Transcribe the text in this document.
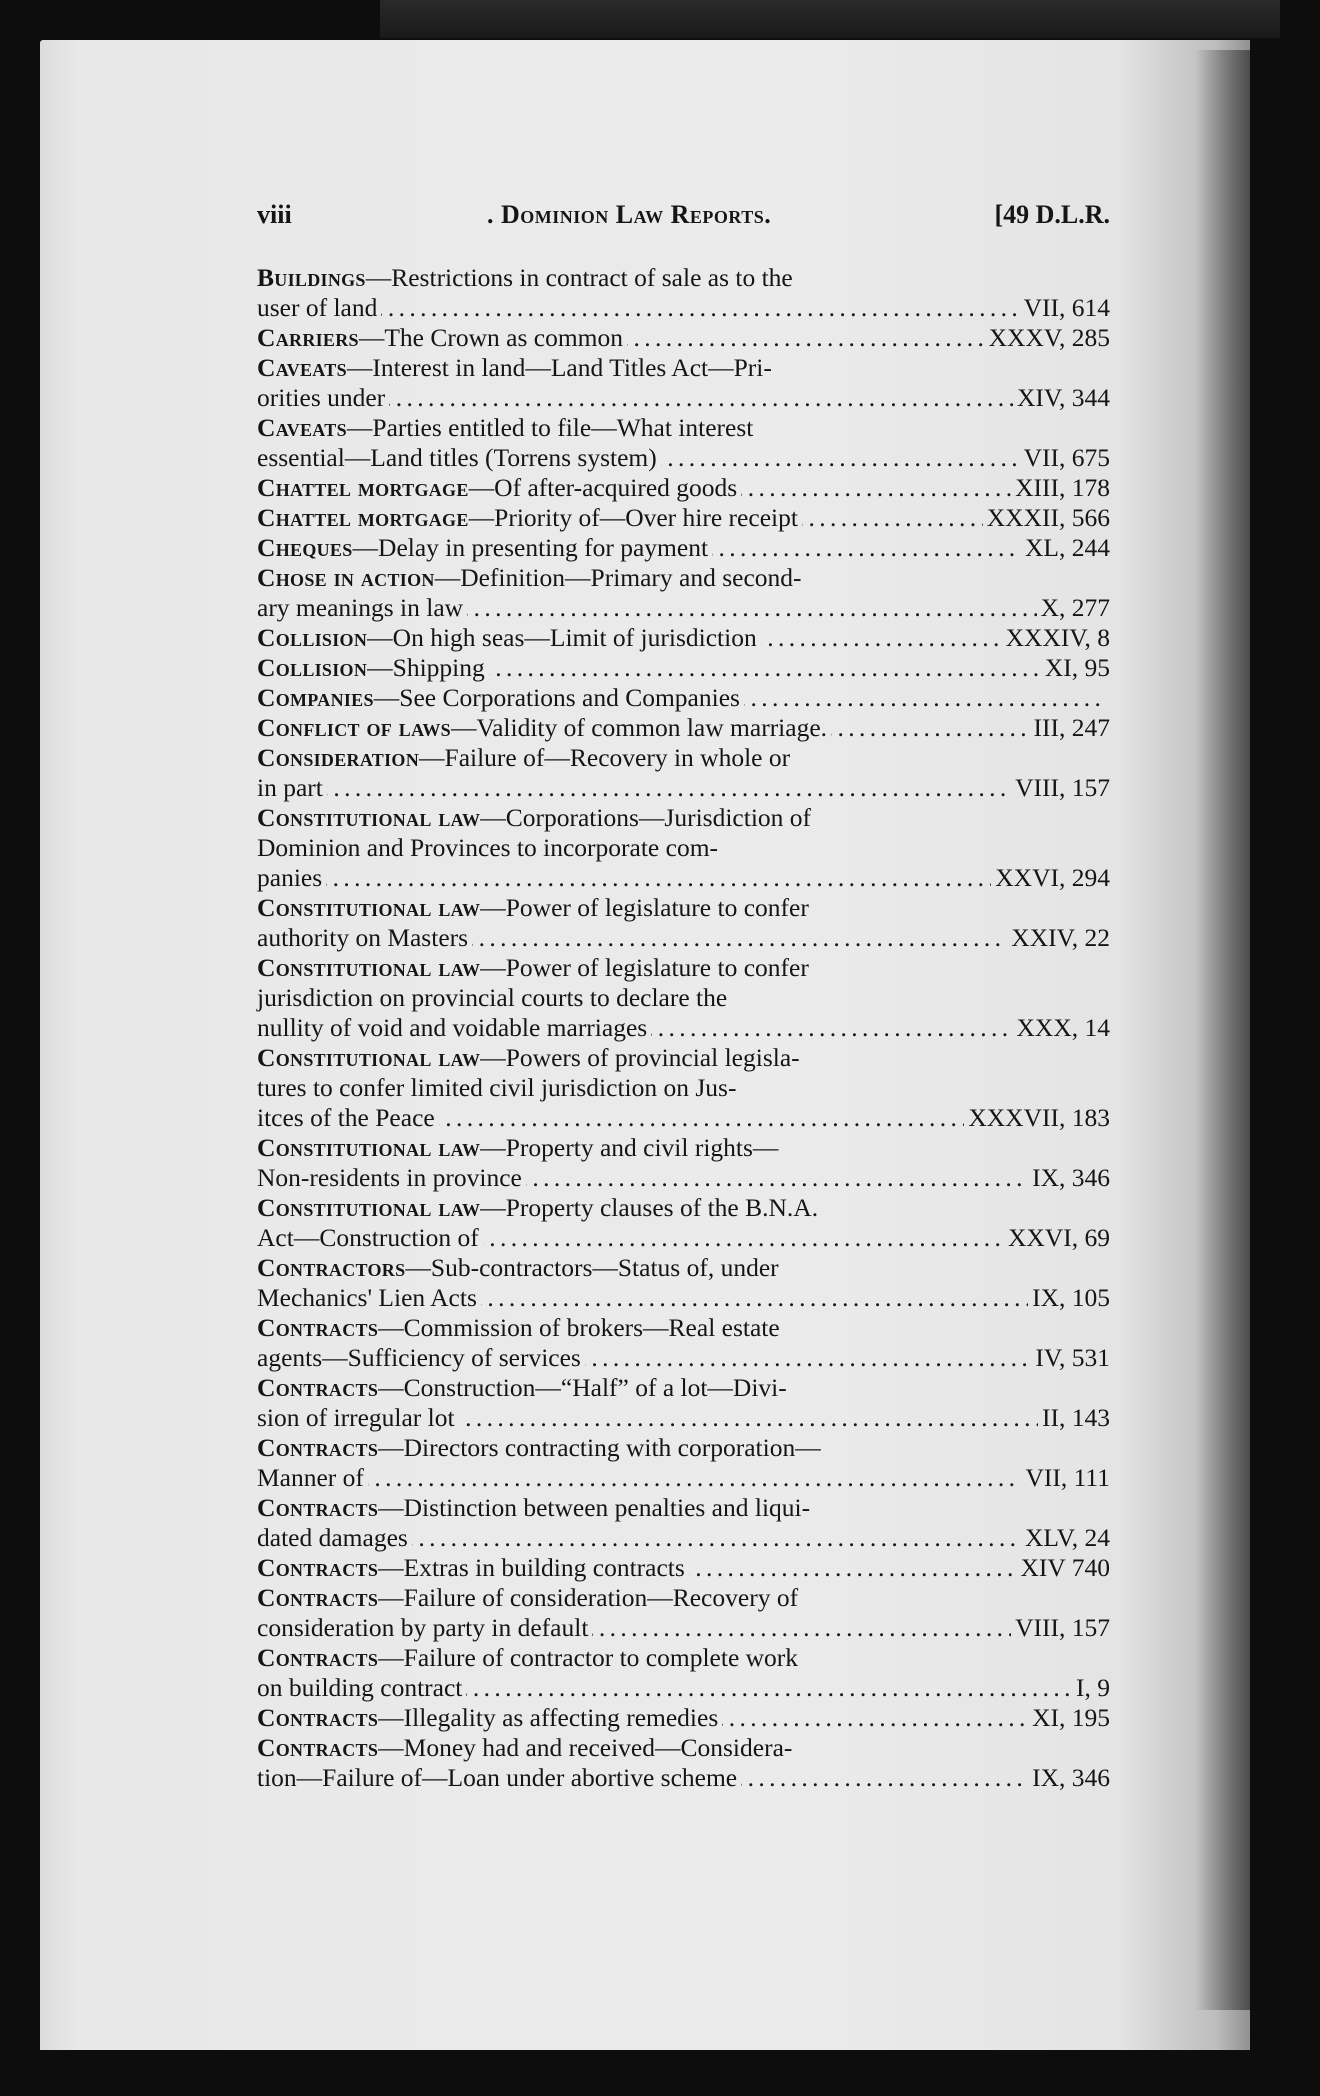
viii	. Dominion Law Reports.	[49 D.L.R.
Buildings—Restrictions in contract of sale as to the
user of land . . .	VII, 614
Carriers—The Crown as common . . .	XXXV, 285
Caveats—Interest in land—Land Titles Act—Pri-
orities under . . .	XIV, 344
Caveats—Parties entitled to file—What interest
essential—Land titles (Torrens system) . . .	VII, 675
Chattel mortgage—Of after-acquired goods . . .	XIII, 178
Chattel mortgage—Priority of—Over hire receipt . . .	XXXII, 566
Cheques—Delay in presenting for payment . . .	XL, 244
Chose in action—Definition—Primary and second-
ary meanings in law . . .	X, 277
Collision—On high seas—Limit of jurisdiction . . .	XXXIV, 8
Collision—Shipping . . .	XI, 95
Companies—See Corporations and Companies
. . .
Conflict of laws—Validity of common law marriage. . . .	III, 247
Consideration—Failure of—Recovery in whole or
in part . . .	VIII, 157
Constitutional law—Corporations—Jurisdiction of
Dominion and Provinces to incorporate com-
panies . . .	XXVI, 294
Constitutional law—Power of legislature to confer
authority on Masters . . .	XXIV, 22
Constitutional law—Power of legislature to confer
jurisdiction on provincial courts to declare the
nullity of void and voidable marriages . . .	XXX, 14
Constitutional law—Powers of provincial legisla-
tures to confer limited civil jurisdiction on Jus-
itces of the Peace . . .	XXXVII, 183
Constitutional law—Property and civil rights—
Non-residents in province . . .	IX, 346
Constitutional law—Property clauses of the B.N.A.
Act—Construction of . . .	XXVI, 69
Contractors—Sub-contractors—Status of, under
Mechanics' Lien Acts . . .	IX, 105
Contracts—Commission of brokers—Real estate
agents—Sufficiency of services . . .	IV, 531
Contracts—Construction—“Half” of a lot—Divi-
sion of irregular lot . . .	II, 143
Contracts—Directors contracting with corporation—
Manner of . . .	VII, 111
Contracts—Distinction between penalties and liqui-
dated damages . . .	XLV, 24
Contracts—Extras in building contracts . . .	XIV 740
Contracts—Failure of consideration—Recovery of
consideration by party in default . . .	VIII, 157
Contracts—Failure of contractor to complete work
on building contract . . .	I, 9
Contracts—Illegality as affecting remedies . . .	XI, 195
Contracts—Money had and received—Considera-
tion—Failure of—Loan under abortive scheme . . .	IX, 346
